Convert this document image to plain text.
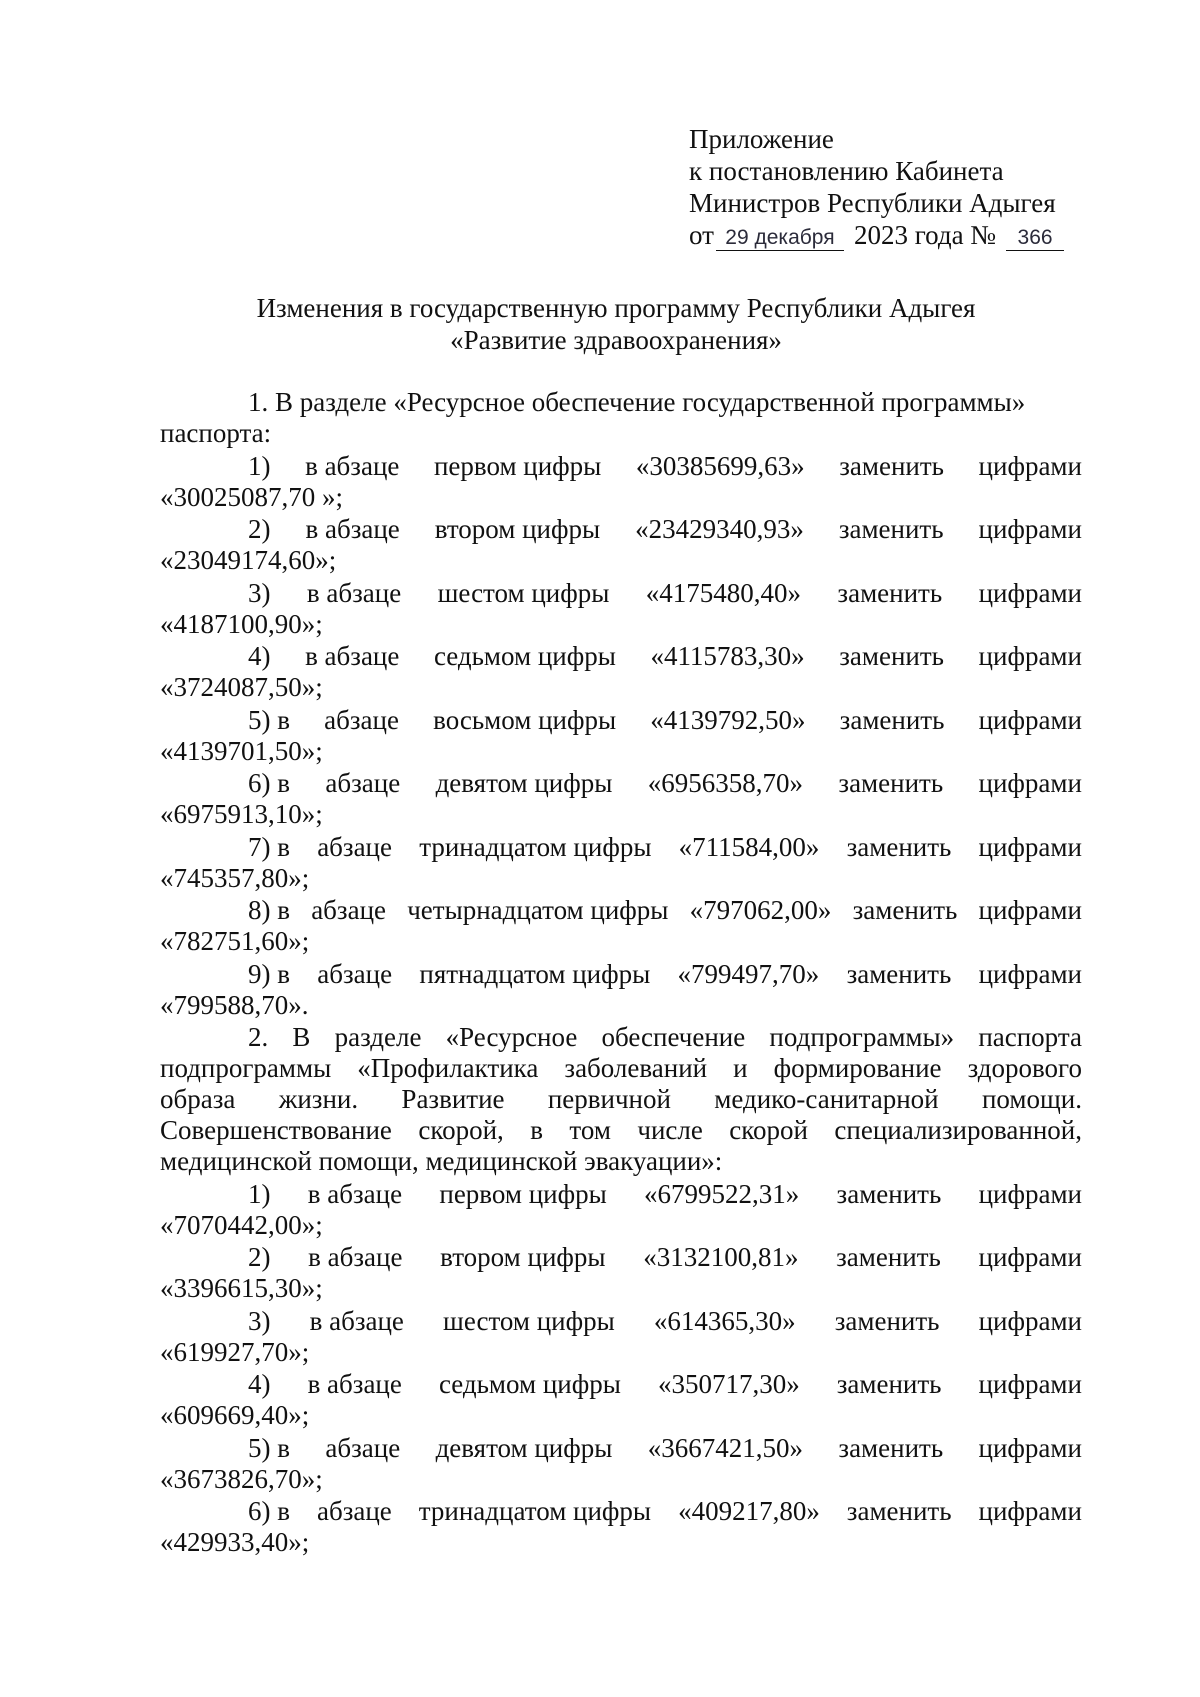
Приложение
к постановлению Кабинета
Министров Республики Адыгея
от 29 декабря 2023 года № 366
Изменения в государственную программу Республики Адыгея
«Развитие здравоохранения»
1. В разделе «Ресурсное обеспечение государственной программы»
паспорта:
1) в абзаце первом цифры «30385699,63» заменить цифрами
«30025087,70 »;
2) в абзаце втором цифры «23429340,93» заменить цифрами
«23049174,60»;
3) в абзаце шестом цифры «4175480,40» заменить цифрами
«4187100,90»;
4) в абзаце седьмом цифры «4115783,30» заменить цифрами
«3724087,50»;
5) в абзаце восьмом цифры «4139792,50» заменить цифрами
«4139701,50»;
6) в абзаце девятом цифры «6956358,70» заменить цифрами
«6975913,10»;
7) в абзаце тринадцатом цифры «711584,00» заменить цифрами
«745357,80»;
8) в абзаце четырнадцатом цифры «797062,00» заменить цифрами
«782751,60»;
9) в абзаце пятнадцатом цифры «799497,70» заменить цифрами
«799588,70».
2. В разделе «Ресурсное обеспечение подпрограммы» паспорта
подпрограммы «Профилактика заболеваний и формирование здорового
образа жизни. Развитие первичной медико-санитарной помощи.
Совершенствование скорой, в том числе скорой специализированной,
медицинской помощи, медицинской эвакуации»:
1) в абзаце первом цифры «6799522,31» заменить цифрами
«7070442,00»;
2) в абзаце втором цифры «3132100,81» заменить цифрами
«3396615,30»;
3) в абзаце шестом цифры «614365,30» заменить цифрами
«619927,70»;
4) в абзаце седьмом цифры «350717,30» заменить цифрами
«609669,40»;
5) в абзаце девятом цифры «3667421,50» заменить цифрами
«3673826,70»;
6) в абзаце тринадцатом цифры «409217,80» заменить цифрами
«429933,40»;
